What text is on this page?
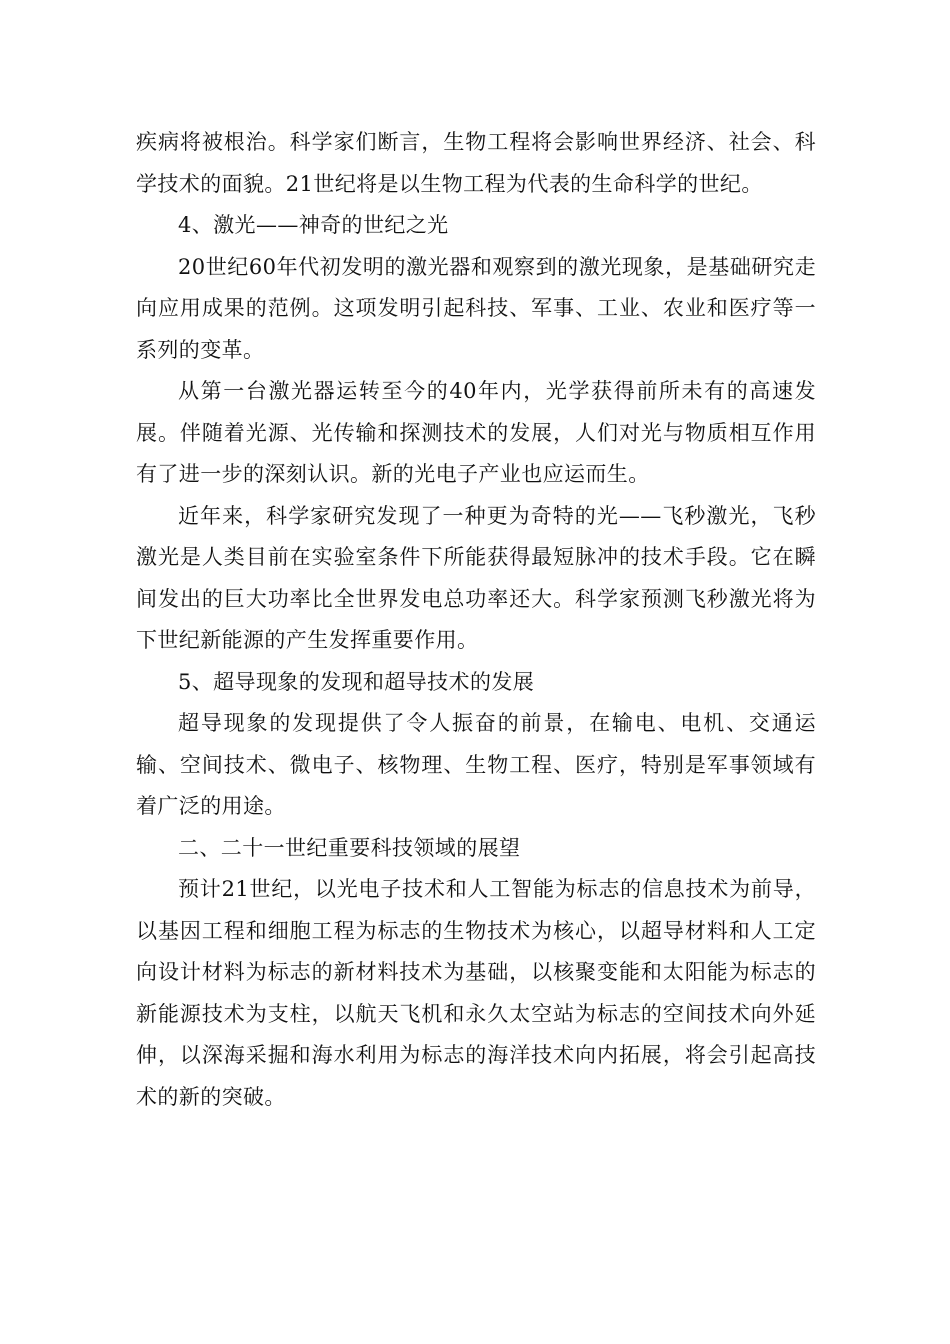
疾病将被根治。科学家们断言，生物工程将会影响世界经济、社会、科学技术的面貌。21世纪将是以生物工程为代表的生命科学的世纪。

4、激光——神奇的世纪之光

20世纪60年代初发明的激光器和观察到的激光现象，是基础研究走向应用成果的范例。这项发明引起科技、军事、工业、农业和医疗等一系列的变革。

从第一台激光器运转至今的40年内，光学获得前所未有的高速发展。伴随着光源、光传输和探测技术的发展，人们对光与物质相互作用有了进一步的深刻认识。新的光电子产业也应运而生。

近年来，科学家研究发现了一种更为奇特的光——飞秒激光，飞秒激光是人类目前在实验室条件下所能获得最短脉冲的技术手段。它在瞬间发出的巨大功率比全世界发电总功率还大。科学家预测飞秒激光将为下世纪新能源的产生发挥重要作用。

5、超导现象的发现和超导技术的发展

超导现象的发现提供了令人振奋的前景，在输电、电机、交通运输、空间技术、微电子、核物理、生物工程、医疗，特别是军事领域有着广泛的用途。

二、二十一世纪重要科技领域的展望

预计21世纪，以光电子技术和人工智能为标志的信息技术为前导，以基因工程和细胞工程为标志的生物技术为核心，以超导材料和人工定向设计材料为标志的新材料技术为基础，以核聚变能和太阳能为标志的新能源技术为支柱，以航天飞机和永久太空站为标志的空间技术向外延伸，以深海采掘和海水利用为标志的海洋技术向内拓展，将会引起高技术的新的突破。
